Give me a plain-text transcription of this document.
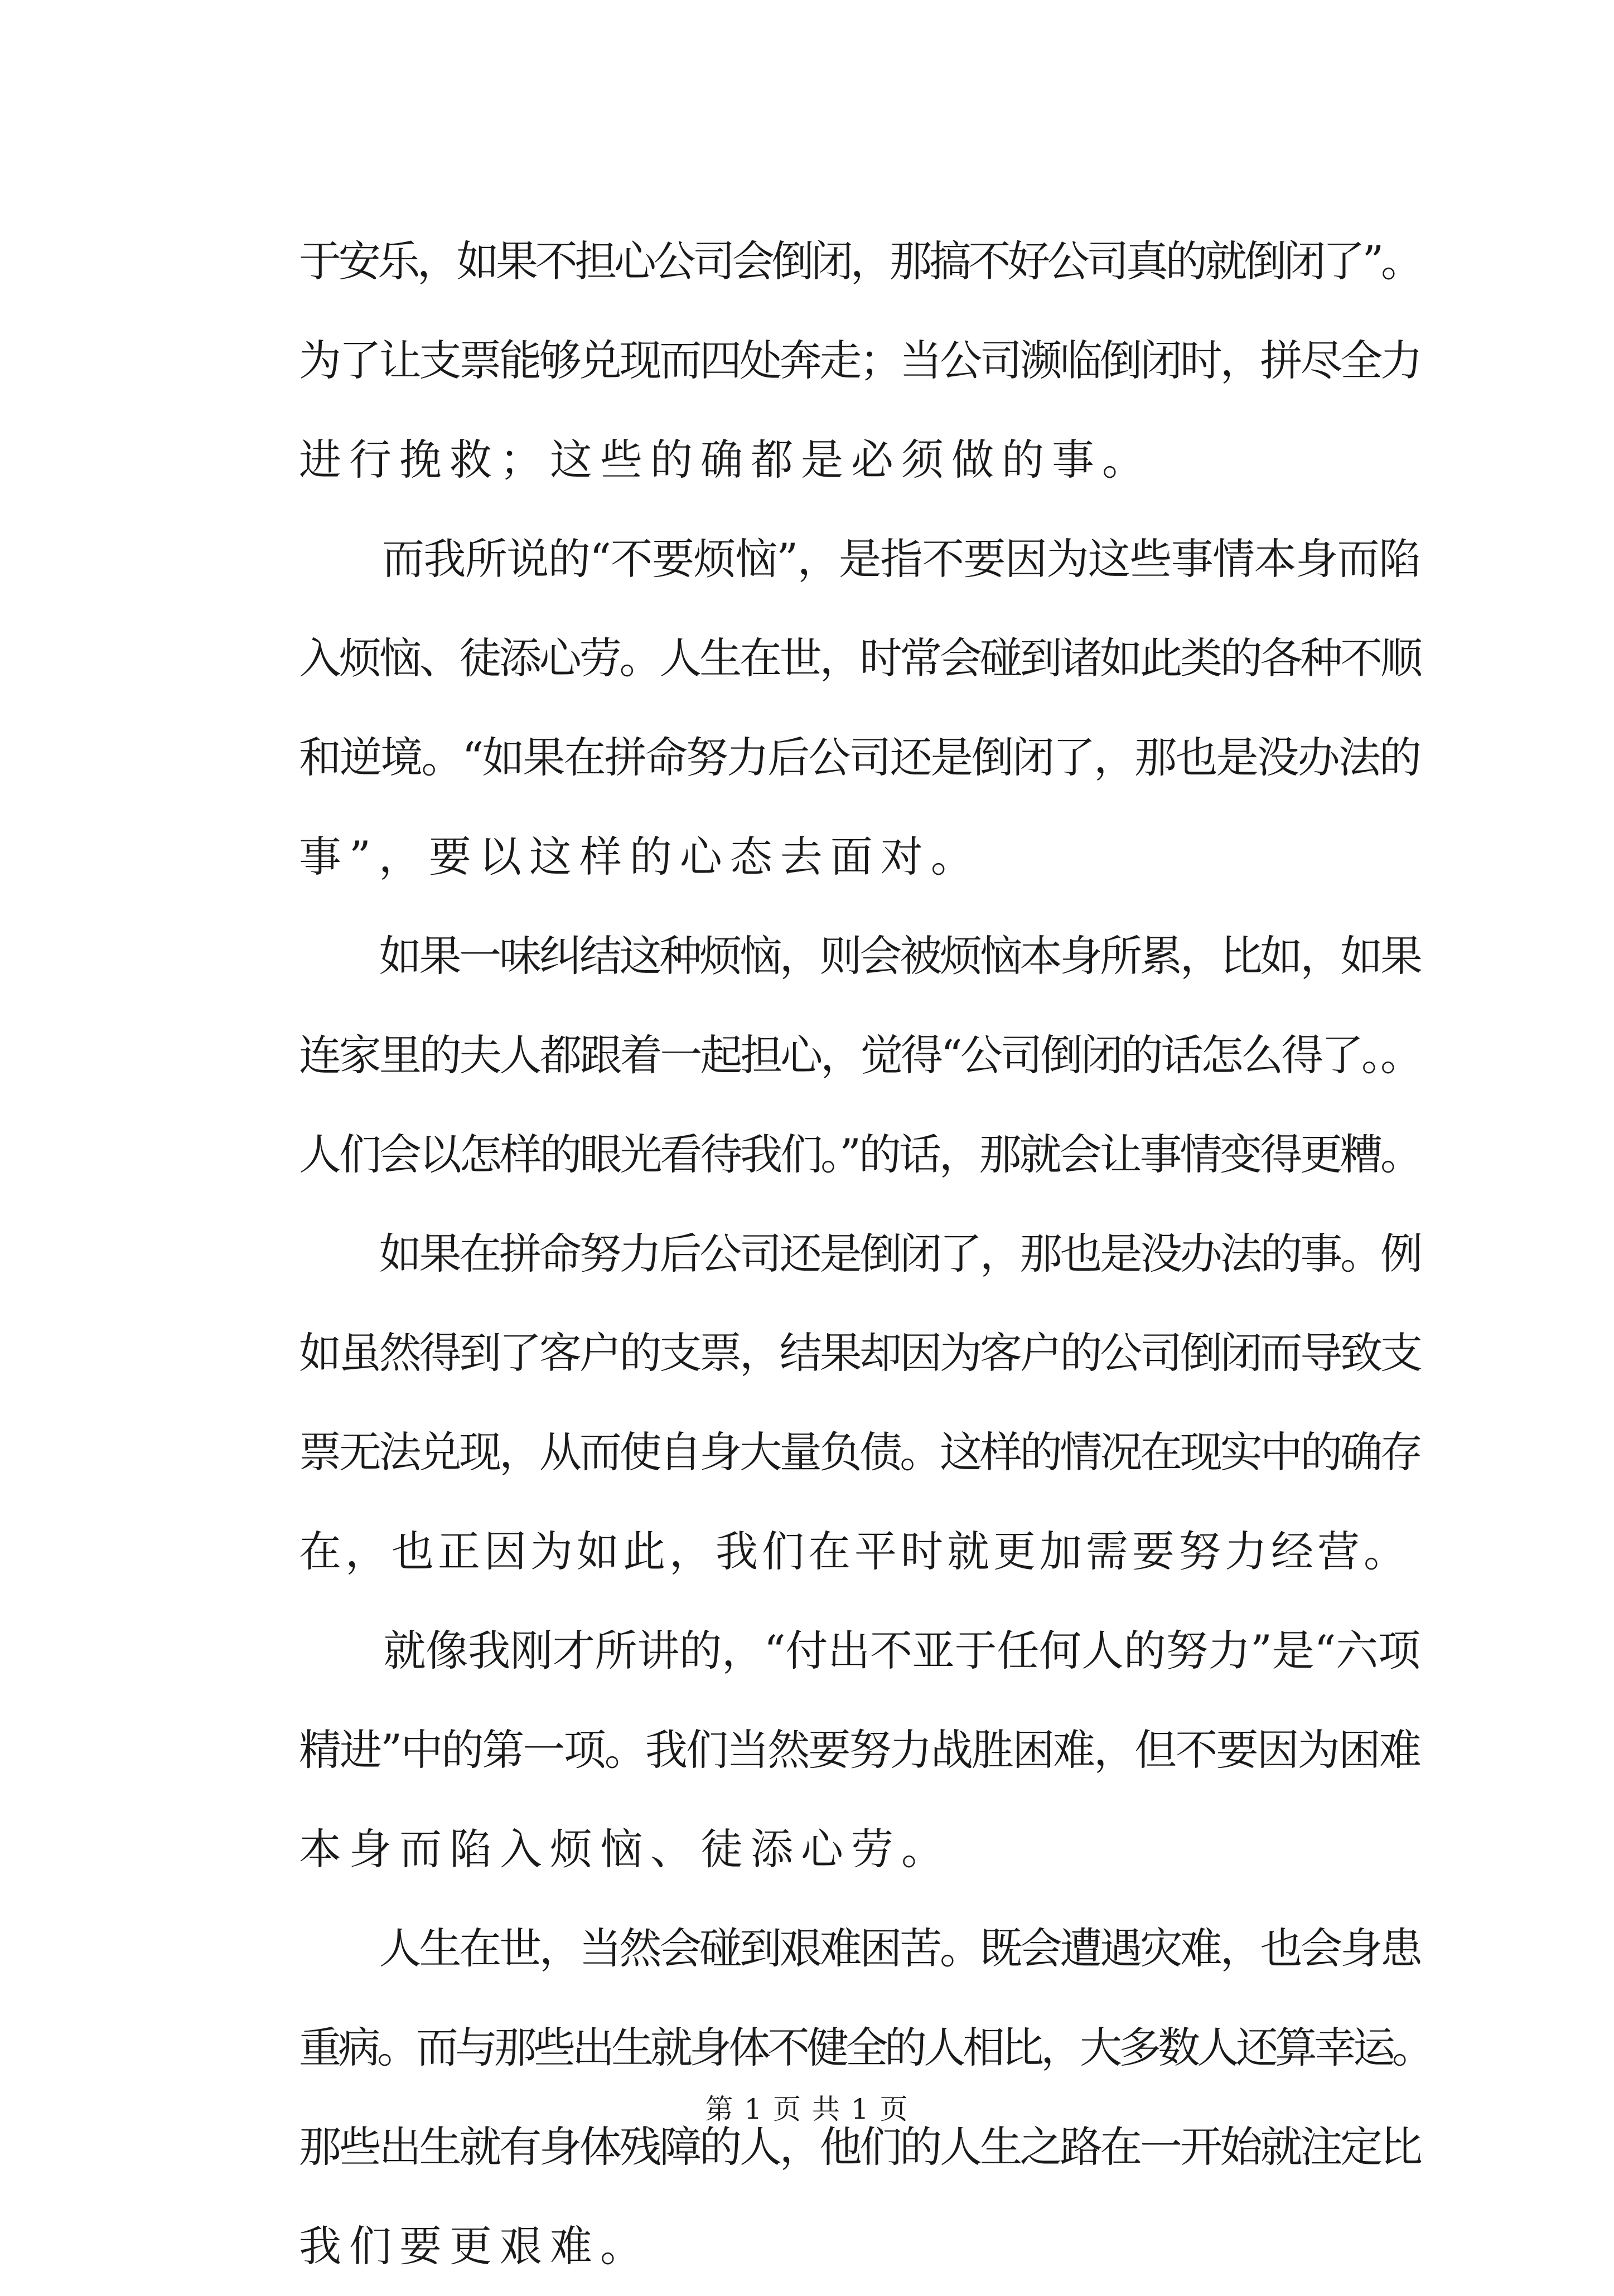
于安乐，如果不担心公司会倒闭，那搞不好公司真的就倒闭了”。
为了让支票能够兑现而四处奔走；当公司濒临倒闭时，拼尽全力
进行挽救；这些的确都是必须做的事。
　　而我所说的“不要烦恼”，是指不要因为这些事情本身而陷
入烦恼、徒添心劳。人生在世，时常会碰到诸如此类的各种不顺
和逆境。“如果在拼命努力后公司还是倒闭了，那也是没办法的
事”，要以这样的心态去面对。
　　如果一味纠结这种烦恼，则会被烦恼本身所累，比如，如果
连家里的夫人都跟着一起担心，觉得“公司倒闭的话怎么得了。。
人们会以怎样的眼光看待我们。”的话，那就会让事情变得更糟。
　　如果在拼命努力后公司还是倒闭了，那也是没办法的事。例
如虽然得到了客户的支票，结果却因为客户的公司倒闭而导致支
票无法兑现，从而使自身大量负债。这样的情况在现实中的确存
在，也正因为如此，我们在平时就更加需要努力经营。
　　就像我刚才所讲的，“付出不亚于任何人的努力”是“六项
精进”中的第一项。我们当然要努力战胜困难，但不要因为困难
本身而陷入烦恼、徒添心劳。
　　人生在世，当然会碰到艰难困苦。既会遭遇灾难，也会身患
重病。而与那些出生就身体不健全的人相比，大多数人还算幸运。
那些出生就有身体残障的人，他们的人生之路在一开始就注定比
我们要更艰难。
第 1 页 共 1 页
